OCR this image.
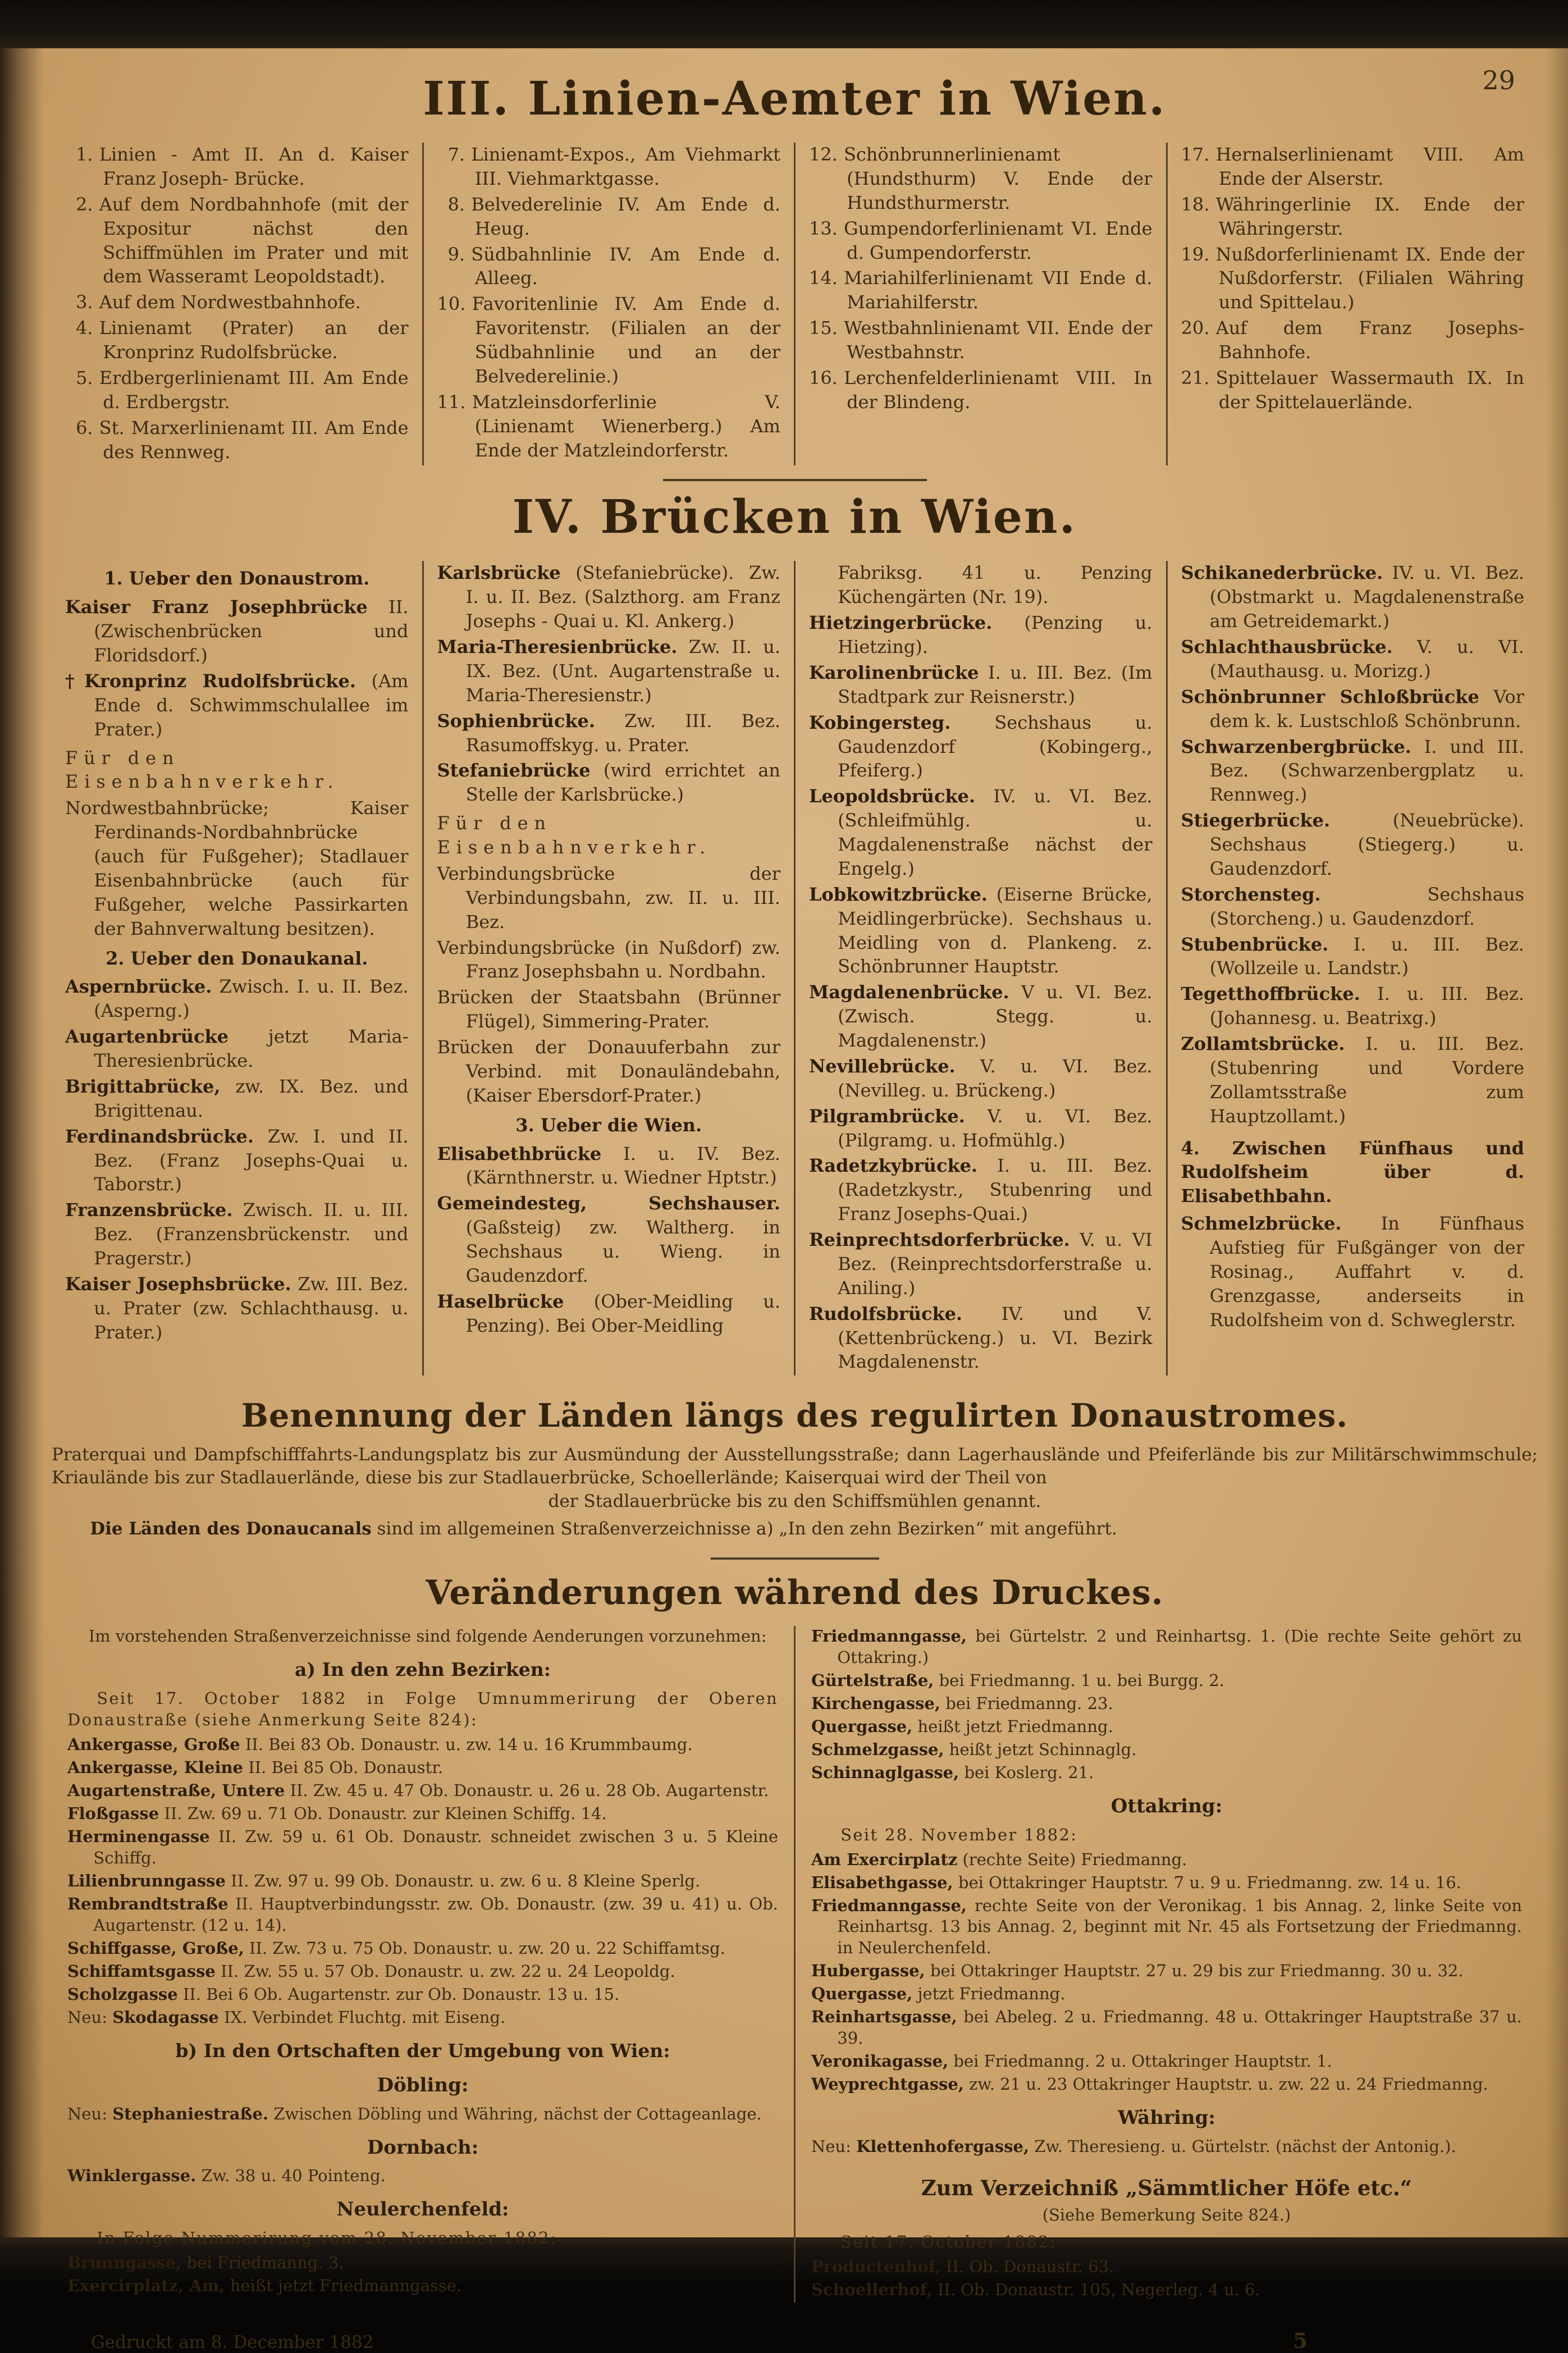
29
III. Linien-Aemter in Wien.

1. Linien - Amt II. An d. Kaiser Franz Joseph- Brücke.

2. Auf dem Nordbahnhofe (mit der Expositur nächst den Schiffmühlen im Prater und mit dem Wasseramt Leopoldstadt).

3. Auf dem Nordwestbahnhofe.

4. Linienamt (Prater) an der Kronprinz Rudolfsbrücke.

5. Erdbergerlinienamt III. Am Ende d. Erdbergstr.

6. St. Marxerlinienamt III. Am Ende des Rennweg.

7. Linienamt-Expos., Am Viehmarkt III. Viehmarktgasse.

8. Belvederelinie IV. Am Ende d. Heug.

9. Südbahnlinie IV. Am Ende d. Alleeg.

10. Favoritenlinie IV. Am Ende d. Favoritenstr. (Filialen an der Südbahnlinie und an der Belvederelinie.)

11. Matzleinsdorferlinie V. (Linienamt Wienerberg.) Am Ende der Matzleindorferstr.

12. Schönbrunnerlinienamt (Hundsthurm) V. Ende der Hundsthurmerstr.

13. Gumpendorferlinienamt VI. Ende d. Gumpendorferstr.

14. Mariahilferlinienamt VII Ende d. Mariahilferstr.

15. Westbahnlinienamt VII. Ende der Westbahnstr.

16. Lerchenfelderlinienamt VIII. In der Blindeng.

17. Hernalserlinienamt VIII. Am Ende der Alserstr.

18. Währingerlinie IX. Ende der Währingerstr.

19. Nußdorferlinienamt IX. Ende der Nußdorferstr. (Filialen Währing und Spittelau.)

20. Auf dem Franz Josephs-Bahnhofe.

21. Spittelauer Wassermauth IX. In der Spittelauerlände.

IV. Brücken in Wien.

1. Ueber den Donaustrom.

Kaiser Franz Josephbrücke II. (Zwischenbrücken und Floridsdorf.)

†Kronprinz Rudolfsbrücke. (Am Ende d. Schwimmschulallee im Prater.)

Für den Eisenbahnverkehr.

Nordwestbahnbrücke; Kaiser Ferdinands-Nordbahnbrücke (auch für Fußgeher); Stadlauer Eisenbahnbrücke (auch für Fußgeher, welche Passirkarten der Bahnverwaltung besitzen).

2. Ueber den Donaukanal.

Aspernbrücke. Zwisch. I. u. II. Bez. (Asperng.)

Augartenbrücke jetzt Maria-Theresienbrücke.

Brigittabrücke, zw. IX. Bez. und Brigittenau.

Ferdinandsbrücke. Zw. I. und II. Bez. (Franz Josephs-Quai u. Taborstr.)

Franzensbrücke. Zwisch. II. u. III. Bez. (Franzensbrückenstr. und Pragerstr.)

Kaiser Josephsbrücke. Zw. III. Bez. u. Prater (zw. Schlachthausg. u. Prater.)

Karlsbrücke (Stefaniebrücke). Zw. I. u. II. Bez. (Salzthorg. am Franz Josephs - Quai u. Kl. Ankerg.)

Maria-Theresienbrücke. Zw. II. u. IX. Bez. (Unt. Augartenstraße u. Maria-Theresienstr.)

Sophienbrücke. Zw. III. Bez. Rasumoffskyg. u. Prater.

Stefaniebrücke (wird errichtet an Stelle der Karlsbrücke.)

Für den Eisenbahnverkehr.

Verbindungsbrücke der Verbindungsbahn, zw. II. u. III. Bez.

Verbindungsbrücke (in Nußdorf) zw. Franz Josephsbahn u. Nordbahn.

Brücken der Staatsbahn (Brünner Flügel), Simmering-Prater.

Brücken der Donauuferbahn zur Verbind. mit Donauländebahn, (Kaiser Ebersdorf-Prater.)

3. Ueber die Wien.

Elisabethbrücke I. u. IV. Bez. (Kärnthnerstr. u. Wiedner Hptstr.)

Gemeindesteg, Sechshauser. (Gaßsteig) zw. Waltherg. in Sechshaus u. Wieng. in Gaudenzdorf.

Haselbrücke (Ober-Meidling u. Penzing). Bei Ober-Meidling

Fabriksg. 41 u. Penzing Küchengärten (Nr. 19).

Hietzingerbrücke. (Penzing u. Hietzing).

Karolinenbrücke I. u. III. Bez. (Im Stadtpark zur Reisnerstr.)

Kobingersteg. Sechshaus u. Gaudenzdorf (Kobingerg., Pfeiferg.)

Leopoldsbrücke. IV. u. VI. Bez. (Schleifmühlg. u. Magdalenenstraße nächst der Engelg.)

Lobkowitzbrücke. (Eiserne Brücke, Meidlingerbrücke). Sechshaus u. Meidling von d. Plankeng. z. Schönbrunner Hauptstr.

Magdalenenbrücke. V u. VI. Bez. (Zwisch. Stegg. u. Magdalenenstr.)

Nevillebrücke. V. u. VI. Bez. (Nevilleg. u. Brückeng.)

Pilgrambrücke. V. u. VI. Bez. (Pilgramg. u. Hofmühlg.)

Radetzkybrücke. I. u. III. Bez. (Radetzkystr., Stubenring und Franz Josephs-Quai.)

Reinprechtsdorferbrücke. V. u. VI Bez. (Reinprechtsdorferstraße u. Aniling.)

Rudolfsbrücke. IV. und V. (Kettenbrückeng.) u. VI. Bezirk Magdalenenstr.

Schikanederbrücke. IV. u. VI. Bez. (Obstmarkt u. Magdalenenstraße am Getreidemarkt.)

Schlachthausbrücke. V. u. VI. (Mauthausg. u. Morizg.)

Schönbrunner Schloßbrücke Vor dem k. k. Lustschloß Schönbrunn.

Schwarzenbergbrücke. I. und III. Bez. (Schwarzenbergplatz u. Rennweg.)

Stiegerbrücke. (Neuebrücke). Sechshaus (Stiegerg.) u. Gaudenzdorf.

Storchensteg. Sechshaus (Storcheng.) u. Gaudenzdorf.

Stubenbrücke. I. u. III. Bez. (Wollzeile u. Landstr.)

Tegetthoffbrücke. I. u. III. Bez. (Johannesg. u. Beatrixg.)

Zollamtsbrücke. I. u. III. Bez. (Stubenring und Vordere Zollamtsstraße zum Hauptzollamt.)

4. Zwischen Fünfhaus und Rudolfsheim über d. Elisabethbahn.

Schmelzbrücke. In Fünfhaus Aufstieg für Fußgänger von der Rosinag., Auffahrt v. d. Grenzgasse, anderseits in Rudolfsheim von d. Schweglerstr.

Benennung der Länden längs des regulirten Donaustromes.

Praterquai und Dampfschifffahrts-Landungsplatz bis zur Ausmündung der Ausstellungsstraße; dann Lagerhauslände und Pfeiferlände bis zur Militärschwimmschule; Kriaulände bis zur Stadlauerlände, diese bis zur Stadlauerbrücke, Schoellerlände; Kaiserquai wird der Theil von

der Stadlauerbrücke bis zu den Schiffsmühlen genannt.

Die Länden des Donaucanals sind im allgemeinen Straßenverzeichnisse a) „In den zehn Bezirken“ mit angeführt.

Veränderungen während des Druckes.

Im vorstehenden Straßenverzeichnisse sind folgende Aenderungen vorzunehmen:

a) In den zehn Bezirken:

Seit 17. October 1882 in Folge Umnummerirung der Oberen Donaustraße (siehe Anmerkung Seite 824):

Ankergasse, Große II. Bei 83 Ob. Donaustr. u. zw. 14 u. 16 Krummbaumg.

Ankergasse, Kleine II. Bei 85 Ob. Donaustr.

Augartenstraße, Untere II. Zw. 45 u. 47 Ob. Donaustr. u. 26 u. 28 Ob. Augartenstr.

Floßgasse II. Zw. 69 u. 71 Ob. Donaustr. zur Kleinen Schiffg. 14.

Herminengasse II. Zw. 59 u. 61 Ob. Donaustr. schneidet zwischen 3 u. 5 Kleine Schiffg.

Lilienbrunngasse II. Zw. 97 u. 99 Ob. Donaustr. u. zw. 6 u. 8 Kleine Sperlg.

Rembrandtstraße II. Hauptverbindungsstr. zw. Ob. Donaustr. (zw. 39 u. 41) u. Ob. Augartenstr. (12 u. 14).

Schiffgasse, Große, II. Zw. 73 u. 75 Ob. Donaustr. u. zw. 20 u. 22 Schiffamtsg.

Schiffamtsgasse II. Zw. 55 u. 57 Ob. Donaustr. u. zw. 22 u. 24 Leopoldg.

Scholzgasse II. Bei 6 Ob. Augartenstr. zur Ob. Donaustr. 13 u. 15.

Neu: Skodagasse IX. Verbindet Fluchtg. mit Eiseng.

b) In den Ortschaften der Umgebung von Wien:

Döbling:

Neu: Stephaniestraße. Zwischen Döbling und Währing, nächst der Cottageanlage.

Dornbach:

Winklergasse. Zw. 38 u. 40 Pointeng.

Neulerchenfeld:

In Folge Nummerirung vom 28. November 1882:

Brunngasse, bei Friedmanng. 3.

Exercirplatz, Am, heißt jetzt Friedmanngasse.

Friedmanngasse, bei Gürtelstr. 2 und Reinhartsg. 1. (Die rechte Seite gehört zu Ottakring.)

Gürtelstraße, bei Friedmanng. 1 u. bei Burgg. 2.

Kirchengasse, bei Friedmanng. 23.

Quergasse, heißt jetzt Friedmanng.

Schmelzgasse, heißt jetzt Schinnaglg.

Schinnaglgasse, bei Koslerg. 21.

Ottakring:

Seit 28. November 1882:

Am Exercirplatz (rechte Seite) Friedmanng.

Elisabethgasse, bei Ottakringer Hauptstr. 7 u. 9 u. Friedmanng. zw. 14 u. 16.

Friedmanngasse, rechte Seite von der Veronikag. 1 bis Annag. 2, linke Seite von Reinhartsg. 13 bis Annag. 2, beginnt mit Nr. 45 als Fortsetzung der Friedmanng. in Neulerchenfeld.

Hubergasse, bei Ottakringer Hauptstr. 27 u. 29 bis zur Friedmanng. 30 u. 32.

Quergasse, jetzt Friedmanng.

Reinhartsgasse, bei Abeleg. 2 u. Friedmanng. 48 u. Ottakringer Hauptstraße 37 u. 39.

Veronikagasse, bei Friedmanng. 2 u. Ottakringer Hauptstr. 1.

Weyprechtgasse, zw. 21 u. 23 Ottakringer Hauptstr. u. zw. 22 u. 24 Friedmanng.

Währing:

Neu: Klettenhofergasse, Zw. Theresieng. u. Gürtelstr. (nächst der Antonig.).

Zum Verzeichniß „Sämmtlicher Höfe etc.“

(Siehe Bemerkung Seite 824.)

Seit 17. October 1882:

Productenhof, II. Ob. Donaustr. 63.

Schoellerhof, II. Ob. Donaustr. 105, Negerleg. 4 u. 6.

Gedruckt am 8. December 1882	5
